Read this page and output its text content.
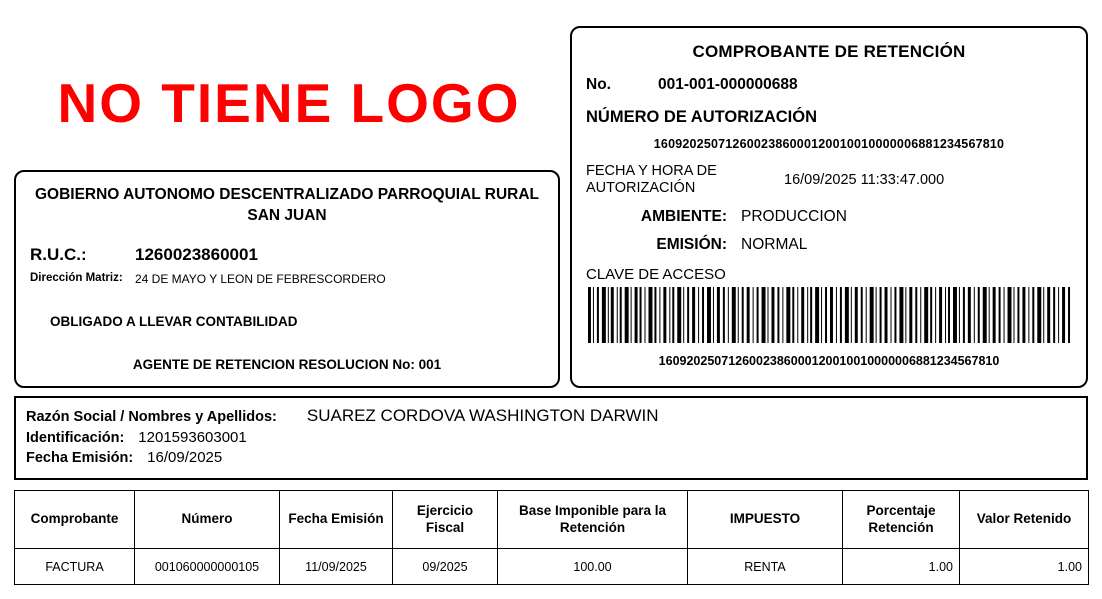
NO TIENE LOGO
GOBIERNO AUTONOMO DESCENTRALIZADO PARROQUIAL RURAL SAN JUAN
R.U.C.:	1260023860001
Dirección Matriz:	24 DE MAYO Y LEON DE FEBRESCORDERO
OBLIGADO A LLEVAR CONTABILIDAD
AGENTE DE RETENCION RESOLUCION No: 001
COMPROBANTE DE RETENCIÓN
No.	001-001-000000688
NÚMERO DE AUTORIZACIÓN
1609202507126002386000120010010000006881234567810
FECHA Y HORA DE AUTORIZACIÓN	16/09/2025 11:33:47.000
AMBIENTE: PRODUCCION
EMISIÓN: NORMAL
CLAVE DE ACCESO
1609202507126002386000120010010000006881234567810
Razón Social / Nombres y Apellidos:	SUAREZ CORDOVA WASHINGTON DARWIN
Identificación: 1201593603001
Fecha Emisión: 16/09/2025
Comprobante	Número	Fecha Emisión	Ejercicio Fiscal	Base Imponible para la Retención	IMPUESTO	Porcentaje Retención	Valor Retenido
FACTURA	001060000000105	11/09/2025	09/2025	100.00	RENTA	1.00	1.00
